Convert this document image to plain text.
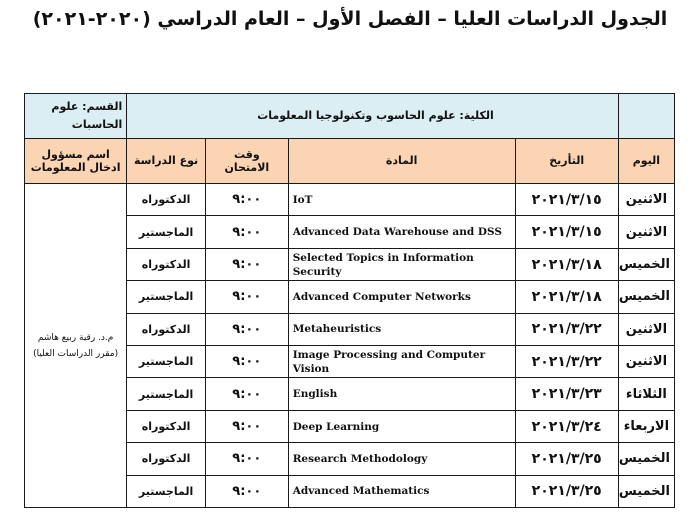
الجدول الدراسات العليا – الفصل الأول – العام الدراسي (٢٠٢٠-٢٠٢١)
	الكلية: علوم الحاسوب وتكنولوجيا المعلومات				القسم: علوم الحاسبات
اليوم	التأريخ	المادة	وقت الامتحان	نوع الدراسة	اسم مسؤول ادخال المعلومات
الاثنين	٢٠٢١/٣/١٥	IoT	٩:٠٠	الدكتوراه	م.د. رقية ربيع هاشم (مقرر الدراسات العليا)
الاثنين	٢٠٢١/٣/١٥	Advanced Data Warehouse and DSS	٩:٠٠	الماجستير	
الخميس	٢٠٢١/٣/١٨	Selected Topics in Information Security	٩:٠٠	الدكتوراه	
الخميس	٢٠٢١/٣/١٨	Advanced Computer Networks	٩:٠٠	الماجستير	
الاثنين	٢٠٢١/٣/٢٢	Metaheuristics	٩:٠٠	الدكتوراه	
الاثنين	٢٠٢١/٣/٢٢	Image Processing and Computer Vision	٩:٠٠	الماجستير	
الثلاثاء	٢٠٢١/٣/٢٣	English	٩:٠٠	الماجستير	
الاربعاء	٢٠٢١/٣/٢٤	Deep Learning	٩:٠٠	الدكتوراه	
الخميس	٢٠٢١/٣/٢٥	Research Methodology	٩:٠٠	الدكتوراه	
الخميس	٢٠٢١/٣/٢٥	Advanced Mathematics	٩:٠٠	الماجستير	
